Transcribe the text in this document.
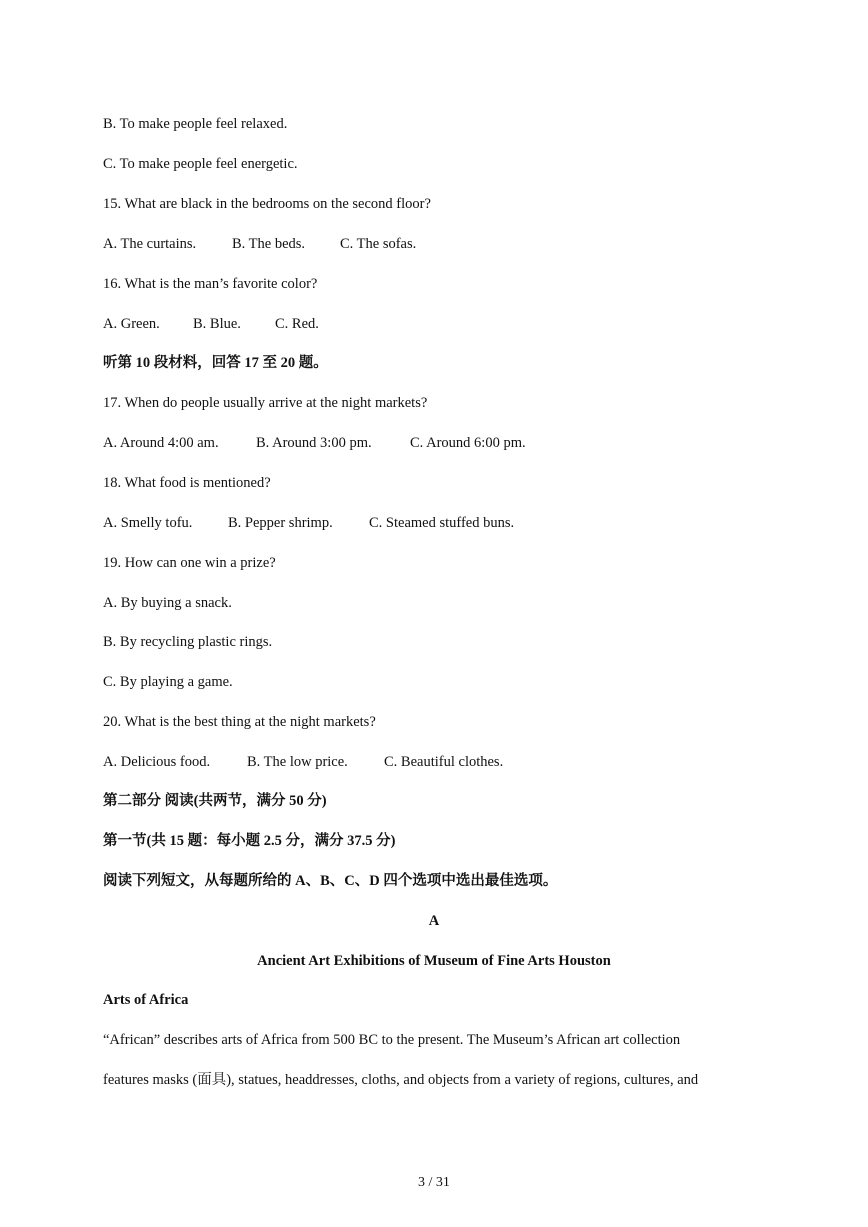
B. To make people feel relaxed.
C. To make people feel energetic.
15. What are black in the bedrooms on the second floor?
A. The curtains. B. The beds. C. The sofas.
16. What is the man’s favorite color?
A. Green. B. Blue. C. Red.
听第 10 段材料，回答 17 至 20 题。
17. When do people usually arrive at the night markets?
A. Around 4:00 am.	B. Around 3:00 pm.	C. Around 6:00 pm.
18. What food is mentioned?
A. Smelly tofu. B. Pepper shrimp.	C. Steamed stuffed buns.
19. How can one win a prize?
A. By buying a snack.
B. By recycling plastic rings.
C. By playing a game.
20. What is the best thing at the night markets?
A. Delicious food.	B. The low price. C. Beautiful clothes.
第二部分 阅读(共两节，满分 50 分)
第一节(共 15 题：每小题 2.5 分，满分 37.5 分)
阅读下列短文，从每题所给的 A、B、C、D 四个选项中选出最佳选项。
A
Ancient Art Exhibitions of Museum of Fine Arts Houston
Arts of Africa
“African” describes arts of Africa from 500 BC to the present. The Museum’s African art collection
features masks (面具), statues, headdresses, cloths, and objects from a variety of regions, cultures, and
3 / 31
